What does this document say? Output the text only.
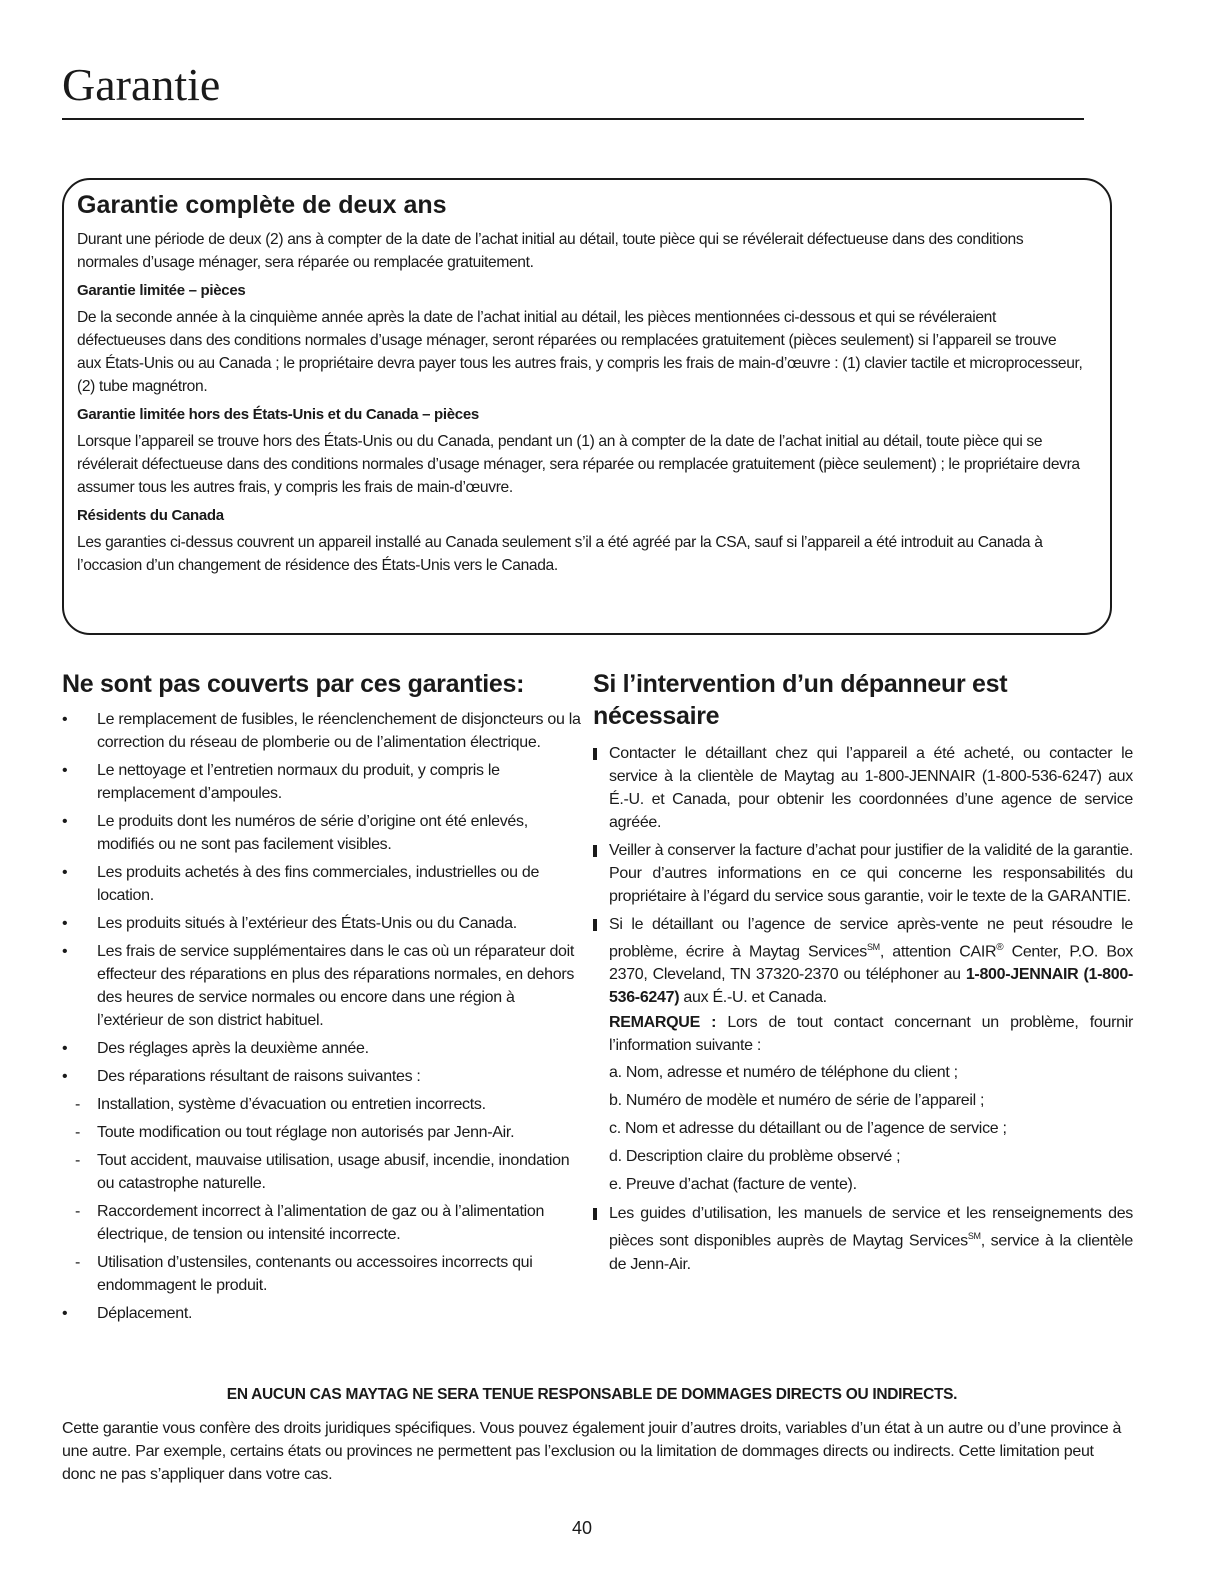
Garantie
Garantie complète de deux ans

Durant une période de deux (2) ans à compter de la date de l’achat initial au détail, toute pièce qui se révélerait défectueuse dans des conditions normales d’usage ménager, sera réparée ou remplacée gratuitement.

Garantie limitée – pièces

De la seconde année à la cinquième année après la date de l’achat initial au détail, les pièces mentionnées ci-dessous et qui se révéleraient défectueuses dans des conditions normales d’usage ménager, seront réparées ou remplacées gratuitement (pièces seulement) si l’appareil se trouve aux États-Unis ou au Canada ; le propriétaire devra payer tous les autres frais, y compris les frais de main-d’œuvre : (1) clavier tactile et microprocesseur, (2) tube magnétron.

Garantie limitée hors des États-Unis et du Canada – pièces

Lorsque l’appareil se trouve hors des États-Unis ou du Canada, pendant un (1) an à compter de la date de l’achat initial au détail, toute pièce qui se révélerait défectueuse dans des conditions normales d’usage ménager, sera réparée ou remplacée gratuitement (pièce seulement) ; le propriétaire devra assumer tous les autres frais, y compris les frais de main-d’œuvre.

Résidents du Canada

Les garanties ci-dessus couvrent un appareil installé au Canada seulement s’il a été agréé par la CSA, sauf si l’appareil a été introduit au Canada à l’occasion d’un changement de résidence des États-Unis vers le Canada.

Ne sont pas couverts par ces garanties:
• Le remplacement de fusibles, le réenclenchement de disjoncteurs ou la correction du réseau de plomberie ou de l’alimentation électrique.
• Le nettoyage et l’entretien normaux du produit, y compris le remplacement d’ampoules.
• Le produits dont les numéros de série d’origine ont été enlevés, modifiés ou ne sont pas facilement visibles.
• Les produits achetés à des fins commerciales, industrielles ou de location.
• Les produits situés à l’extérieur des États-Unis ou du Canada.
• Les frais de service supplémentaires dans le cas où un réparateur doit effecteur des réparations en plus des réparations normales, en dehors des heures de service normales ou encore dans une région à l’extérieur de son district habituel.
• Des réglages après la deuxième année.
• Des réparations résultant de raisons suivantes :
- Installation, système d’évacuation ou entretien incorrects.
- Toute modification ou tout réglage non autorisés par Jenn-Air.
- Tout accident, mauvaise utilisation, usage abusif, incendie, inondation ou catastrophe naturelle.
- Raccordement incorrect à l’alimentation de gaz ou à l’alimentation électrique, de tension ou intensité incorrecte.
- Utilisation d’ustensiles, contenants ou accessoires incorrects qui endommagent le produit.
• Déplacement.
Si l’intervention d’un dépanneur est nécessaire
Contacter le détaillant chez qui l’appareil a été acheté, ou contacter le service à la clientèle de Maytag au 1-800-JENNAIR (1-800-536-6247) aux É.-U. et Canada, pour obtenir les coordonnées d’une agence de service agréée.
Veiller à conserver la facture d’achat pour justifier de la validité de la garantie. Pour d’autres informations en ce qui concerne les responsabilités du propriétaire à l’égard du service sous garantie, voir le texte de la GARANTIE.
Si le détaillant ou l’agence de service après-vente ne peut résoudre le problème, écrire à Maytag Services℠, attention CAIR® Center, P.O. Box 2370, Cleveland, TN 37320-2370 ou téléphoner au 1-800-JENNAIR (1-800-536-6247) aux É.-U. et Canada.
REMARQUE : Lors de tout contact concernant un problème, fournir l’information suivante :
a. Nom, adresse et numéro de téléphone du client ;
b. Numéro de modèle et numéro de série de l’appareil ;
c. Nom et adresse du détaillant ou de l’agence de service ;
d. Description claire du problème observé ;
e. Preuve d’achat (facture de vente).
Les guides d’utilisation, les manuels de service et les renseignements des pièces sont disponibles auprès de Maytag Services℠, service à la clientèle de Jenn-Air.

EN AUCUN CAS MAYTAG NE SERA TENUE RESPONSABLE DE DOMMAGES DIRECTS OU INDIRECTS.

Cette garantie vous confère des droits juridiques spécifiques. Vous pouvez également jouir d’autres droits, variables d’un état à un autre ou d’une province à une autre. Par exemple, certains états ou provinces ne permettent pas l’exclusion ou la limitation de dommages directs ou indirects. Cette limitation peut donc ne pas s’appliquer dans votre cas.

40
